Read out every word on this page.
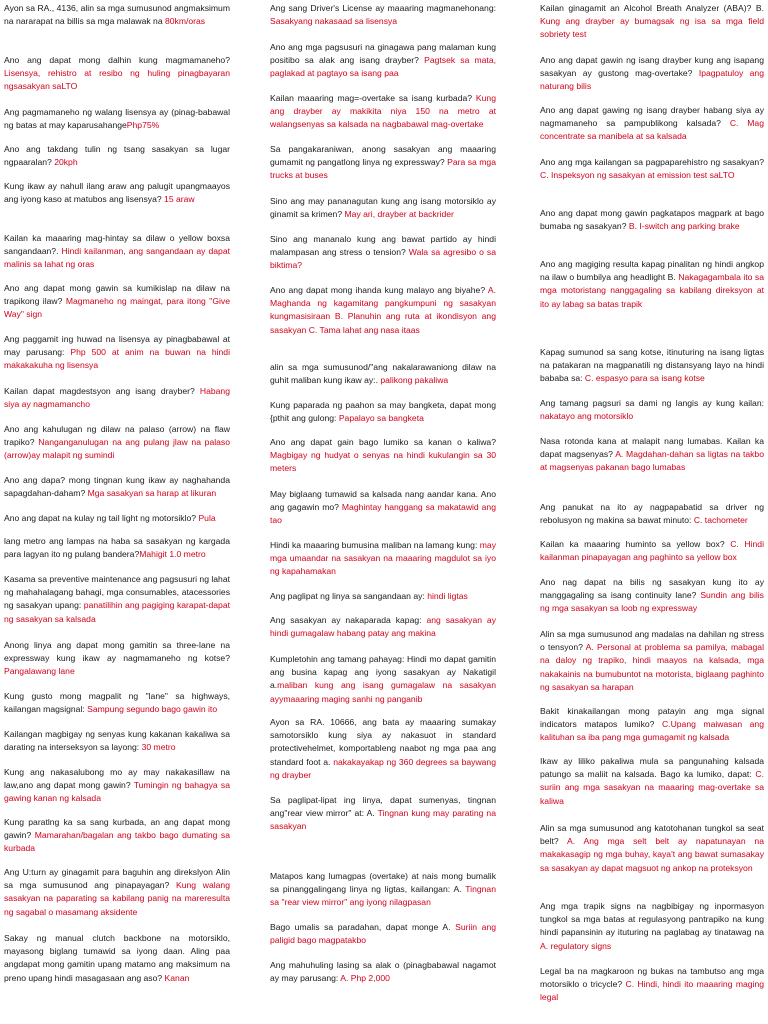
Ayon sa RA., 4136, alin sa mga sumusunod angmaksimum na nararapat na billis sa mga malawak na 80km/oras

Ano ang dapat mong dalhin kung magmamaneho? Lisensya, rehistro at resibo ng huling pinagbayaran ngsasakyan saLTO

Ang pagmamaneho ng walang lisensya ay (pinag-babawal ng batas at may kaparusahangePhp75%

Ano ang takdang tulin ng tsang sasakyan sa lugar ngpaaralan? 20kph

Kung ikaw ay nahull ilang araw ang palugit upangmaayos ang iyong kaso at matubos ang lisensya? 15 araw

Kailan ka maaaring mag-hintay sa dilaw o yellow boxsa sangandaan?. Hindi kailanman, ang sangandaan ay dapat malinis sa lahat ng oras

Ano ang dapat mong gawin sa kumikislap na dilaw na trapikong ilaw? Magmaneho ng maingat, para itong "Give Way" sign

Ang paggamit ing huwad na lisensya ay pinagbabawal at may parusang: Php 500 at anim na buwan na hindi makakakuha ng lisensya

Kailan dapat magdestsyon ang isang drayber? Habang siya ay nagmamancho

Ano ang kahulugan ng dilaw na palaso (arrow) na flaw trapiko? Nanganganulugan na ang pulang jlaw na palaso (arrow)ay malapit ng sumindi

Ano ang dapa? mong tingnan kung ikaw ay naghahanda sapagdahan-daham? Mga sasakyan sa harap at likuran

Ano ang dapat na kulay ng tail light ng motorsiklo? Pula

lang metro ang lampas na haba sa sasakyan ng kargada para lagyan ito ng pulang bandera?Mahigit 1.0 metro

Kasama sa preventive maintenance ang pagsusuri ng lahat ng mahahalagang bahagi, mga consumables, atacessories ng sasakyan upang: panatilihin ang pagiging karapat-dapat ng sasakyan sa kalsada

Anong linya ang dapat mong gamitin sa three-lane na expressway kung ikaw ay nagmamaneho ng kotse? Pangalawang lane

Kung gusto mong magpalit ng "lane" sa highways, kailangan magsignal: Sampung segundo bago gawin ito

Kailangan magbigay ng senyas kung kakanan kakaliwa sa darating na interseksyon sa layong: 30 metro

Kung ang nakasalubong mo ay may nakakasillaw na law,ano ang dapat mong gawin? Tumingin ng bahagya sa gawing kanan ng kalsada

Kung paratlng ka sa sang kurbada, an ang dapat mong gawin? Mamarahan/bagalan ang takbo bago dumating sa kurbada

Ang U:turn ay ginagamit para baguhin ang direkslyon Alin sa mga sumusunod ang pinapayagan? Kung walang sasakyan na paparating sa kabilang panig na mareresulta ng sagabal o masamang aksidente

Sakay ng manual clutch backbone na motorsiklo, mayasong biglang tumawid sa iyong daan. Aling paa angdapat mong gamitin upang matamo ang maksimum na preno upang hindi masagasaan ang aso? Kanan

Ang sang Driver's License ay maaaring magmanehonang: Sasakyang nakasaad sa lisensya

Ano ang mga pagsusuri na ginagawa pang malaman kung positibo sa alak ang isang drayber? Pagtsek sa mata, paglakad at pagtayo sa isang paa

Kailan maaaring mag=-overtake sa isang kurbada? Kung ang drayber ay makikita niya 150 na metro at walangsenyas sa kalsada na nagbabawal mag-overtake

Sa pangakaraniwan, anong sasakyan ang maaaring gumamit ng pangatlong linya ng expressway? Para sa mga trucks at buses

Sino ang may pananagutan kung ang isang motorsiklo ay ginamit sa krimen? May ari, drayber at backrider

Sino ang mananalo kung ang bawat partido ay hindi malampasan ang stress o tension? Wala sa agresibo o sa biktima?

Ano ang dapat mong ihanda kung malayo ang biyahe? A. Maghanda ng kagamitang pangkumpuni ng sasakyan kungmasisiraan B. Planuhin ang ruta at ikondisyon ang sasakyan C. Tama lahat ang nasa itaas

alin sa mga sumusunod/"ang nakalarawaniong dilaw na guhit maliban kung ikaw ay:. palikong pakaliwa

Kung paparada ng paahon sa may bangketa, dapat mong {pthit ang gulong: Papalayo sa bangketa

Ano ang dapat gain bago lumiko sa kanan o kaliwa? Magbigay ng hudyat o senyas na hindi kukulangin sa 30 meters

May biglaang tumawid sa kalsada nang aandar kana. Ano ang gagawin mo? Maghintay hanggang sa makatawid ang tao

Hindi ka maaaring bumusina maliban na lamang kung: may mga umaandar na sasakyan na maaaring magdulot sa iyo ng kapahamakan

Ang paglipat ng linya sa sangandaan ay: hindi ligtas

Ang sasakyan ay nakaparada kapag: ang sasakyan ay hindi gumagalaw habang patay ang makina

Kumpletohin ang tamang pahayag: Hindi mo dapat gamitin ang busina kapag ang iyong sasakyan ay Nakatigil a.maliban kung ang isang gumagalaw na sasakyan ayymaaaring maging sanhi ng panganib

Ayon sa RA. 10666, ang bata ay maaaring sumakay samotorsiklo kung siya ay nakasuot in standard protectivehelmet, komportableng naabot ng mga paa ang standard foot a. nakakayakap ng 360 degrees sa baywang ng drayber

Sa paglipat-lipat ing linya, dapat sumenyas, tingnan ang"rear view mirror" at: A. Tingnan kung may parating na sasakyan

Matapos kang lumagpas (overtake) at nais mong bumalik sa pinanggalingang linya ng ligtas, kailangan: A. Tingnan sa "rear view mirror" ang iyong nilagpasan

Bago umalis sa paradahan, dapat monge A. Suriin ang paligid bago magpatakbo

Ang mahuhuling lasing sa alak o (pinagbabawal nagamot ay may parusang: A. Php 2,000

Kailan ginagamit an Alcohol Breath Analyzer (ABA)? B. Kung ang drayber ay bumagsak ng isa sa mga field sobriety test

Ano ang dapat gawin ng isang drayber kung ang isapang sasakyan ay gustong mag-overtake? Ipagpatuloy ang naturang bilis

Ano ang dapat gawing ng isang drayber habang siya ay nagmamaneho sa pampublikong kalsada? C. Mag concentrate sa manibela at sa kalsada

Ano ang mga kailangan sa pagpaparehistro ng sasakyan? C. Inspeksyon ng sasakyan at emission test saLTO

Ano ang dapat mong gawin pagkatapos magpark at bago bumaba ng sasakyan? B. I-switch ang parking brake

Ano ang magiging resulta kapag pinalitan ng hindi angkop na ilaw o bumbilya ang headlight B. Nakagagambala ito sa mga motoristang nanggagaling sa kabilang direksyon at ito ay labag sa batas trapik

Kapag sumunod sa sang kotse, itinuturing na isang ligtas na patakaran na magpanatili ng distansyang layo na hindi bababa sa: C. espasyo para sa isang kotse

Ang tamang pagsuri sa dami ng langis ay kung kailan: nakatayo ang motorsiklo

Nasa rotonda kana at malapit nang lumabas. Kailan ka dapat magsenyas? A. Magdahan-dahan sa ligtas na takbo at magsenyas pakanan bago lumabas

Ang panukat na ito ay nagpapabatid sa driver ng rebolusyon ng makina sa bawat minuto: C. tachometer

Kailan ka maaaring huminto sa yellow box? C. Hindi kailanman pinapayagan ang paghinto sa yellow box

Ano nag dapat na bilis ng sasakyan kung ito ay manggagaling sa isang continuity lane? Sundin ang bilis ng mga sasakyan sa loob ng expressway

Alin sa mga sumusunod ang madalas na dahilan ng stress o tensyon? A. Personal at problema sa pamilya, mabagal na daloy ng trapiko, hindi maayos na kalsada, mga nakakainis na bumubuntot na motorista, biglaang paghinto ng sasakyan sa harapan

Bakit kinakailangan mong patayin ang mga signal indicators matapos lumiko? C.Upang maiwasan ang kalituhan sa iba pang mga gumagamit ng kalsada

Ikaw ay liliko pakaliwa mula sa pangunahing kalsada patungo sa maliit na kalsada. Bago ka lumiko, dapat: C. suriin ang mga sasakyan na maaaring mag-overtake sa kaliwa

Alin sa mga sumusunod ang katotohanan tungkol sa seat belt? A. Ang mga selt belt ay napatunayan na makakasagip ng mga buhay, kaya't ang bawat sumasakay sa sasakyan ay dapat magsuot ng ankop na proteksyon

Ang mga trapik signs na nagbibigay ng inpormasyon tungkol sa mga batas at regulasyong pantrapiko na kung hindi papansinin ay ituturing na paglabag ay tinatawag na A. regulatory signs

Legal ba na magkaroon ng bukas na tambutso ang mga motorsiklo o tricycle? C. Hindi, hindi ito maaaring maging legal
